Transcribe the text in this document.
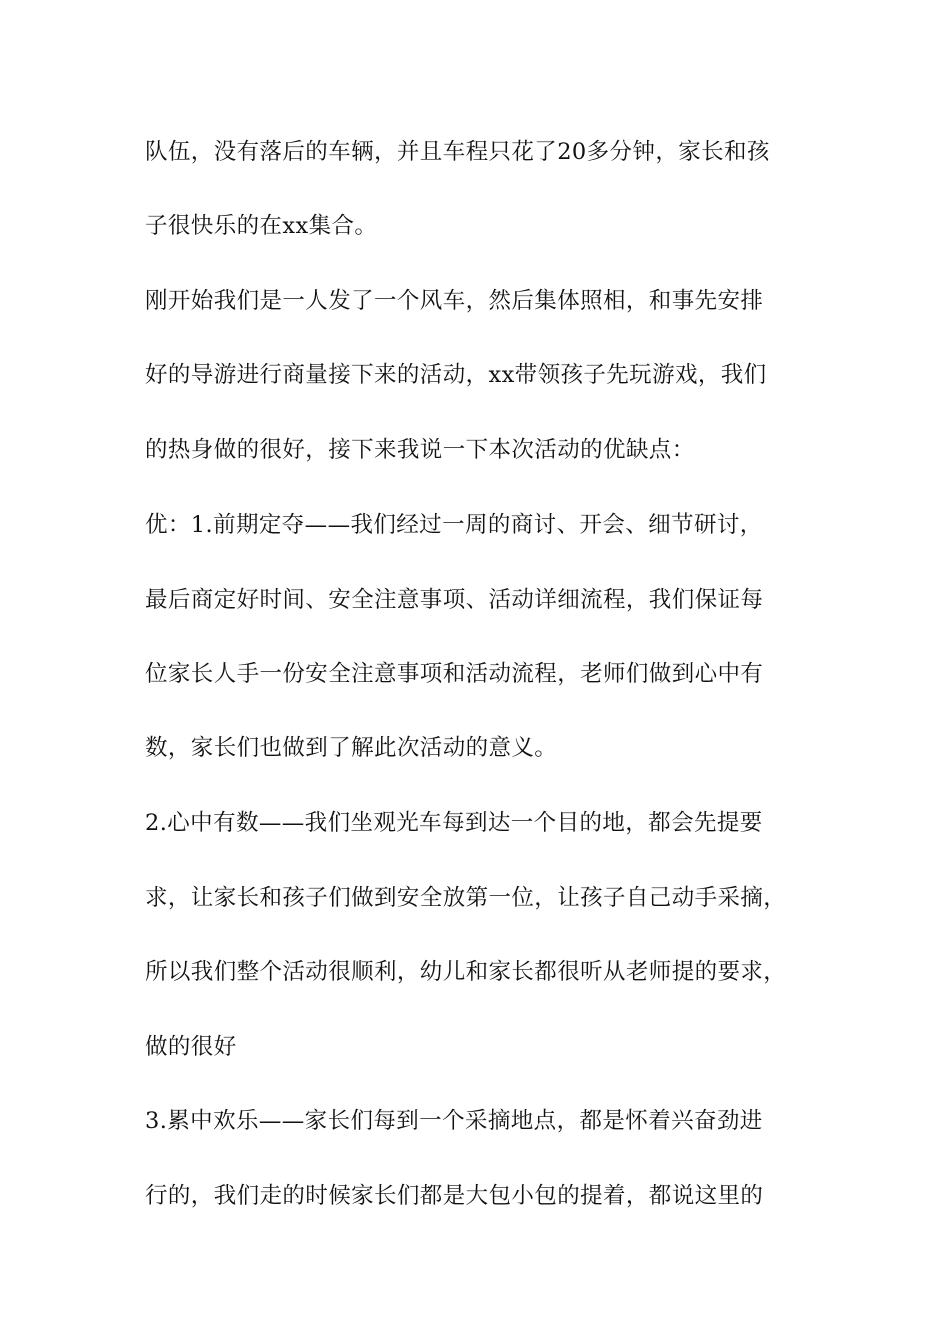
队伍，没有落后的车辆，并且车程只花了20多分钟，家长和孩
子很快乐的在xx集合。
刚开始我们是一人发了一个风车，然后集体照相，和事先安排
好的导游进行商量接下来的活动，xx带领孩子先玩游戏，我们
的热身做的很好，接下来我说一下本次活动的优缺点：
优：1.前期定夺——我们经过一周的商讨、开会、细节研讨，
最后商定好时间、安全注意事项、活动详细流程，我们保证每
位家长人手一份安全注意事项和活动流程，老师们做到心中有
数，家长们也做到了解此次活动的意义。
2.心中有数——我们坐观光车每到达一个目的地，都会先提要
求，让家长和孩子们做到安全放第一位，让孩子自己动手采摘，
所以我们整个活动很顺利，幼儿和家长都很听从老师提的要求，
做的很好
3.累中欢乐——家长们每到一个采摘地点，都是怀着兴奋劲进
行的，我们走的时候家长们都是大包小包的提着，都说这里的
